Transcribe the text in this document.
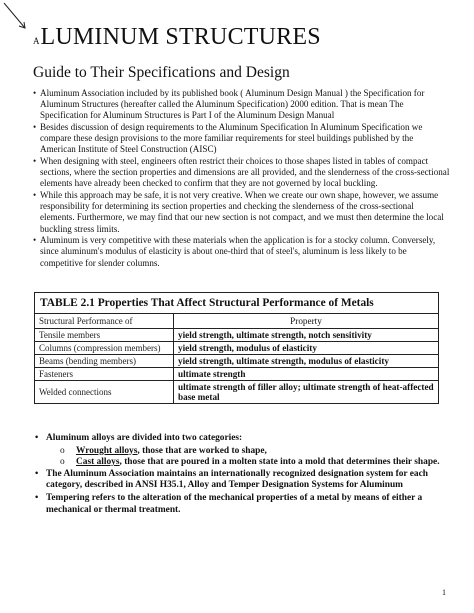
ALUMINUM STRUCTURES
Guide to Their Specifications and Design
• Aluminum Association included by its published book ( Aluminum Design Manual ) the Specification for Aluminum Structures (hereafter called the Aluminum Specification) 2000 edition. That is mean The Specification for Aluminum Structures is Part I of the Aluminum Design Manual
• Besides discussion of design requirements to the Aluminum Specification In Aluminum Specification we compare these design provisions to the more familiar requirements for steel buildings published by the American Institute of Steel Construction (AISC)
• When designing with steel, engineers often restrict their choices to those shapes listed in tables of compact sections, where the section properties and dimensions are all provided, and the slenderness of the cross-sectional elements have already been checked to confirm that they are not governed by local buckling.
• While this approach may be safe, it is not very creative. When we create our own shape, however, we assume responsibility for determining its section properties and checking the slenderness of the cross-sectional elements. Furthermore, we may find that our new section is not compact, and we must then determine the local buckling stress limits.
• Aluminum is very competitive with these materials when the application is for a stocky column. Conversely, since aluminum's modulus of elasticity is about one-third that of steel's, aluminum is less likely to be competitive for slender columns.
TABLE 2.1 Properties That Affect Structural Performance of Metals
Structural Performance of	Property
Tensile members	yield strength, ultimate strength, notch sensitivity
Columns (compression members)	yield strength, modulus of elasticity
Beams (bending members)	yield strength, ultimate strength, modulus of elasticity
Fasteners	ultimate strength
Welded connections	ultimate strength of filler alloy; ultimate strength of heat-affected base metal
• Aluminum alloys are divided into two categories:
o Wrought alloys, those that are worked to shape,
o Cast alloys, those that are poured in a molten state into a mold that determines their shape.
• The Aluminum Association maintains an internationally recognized designation system for each category, described in ANSI H35.1, Alloy and Temper Designation Systems for Aluminum
• Tempering refers to the alteration of the mechanical properties of a metal by means of either a mechanical or thermal treatment.
1
